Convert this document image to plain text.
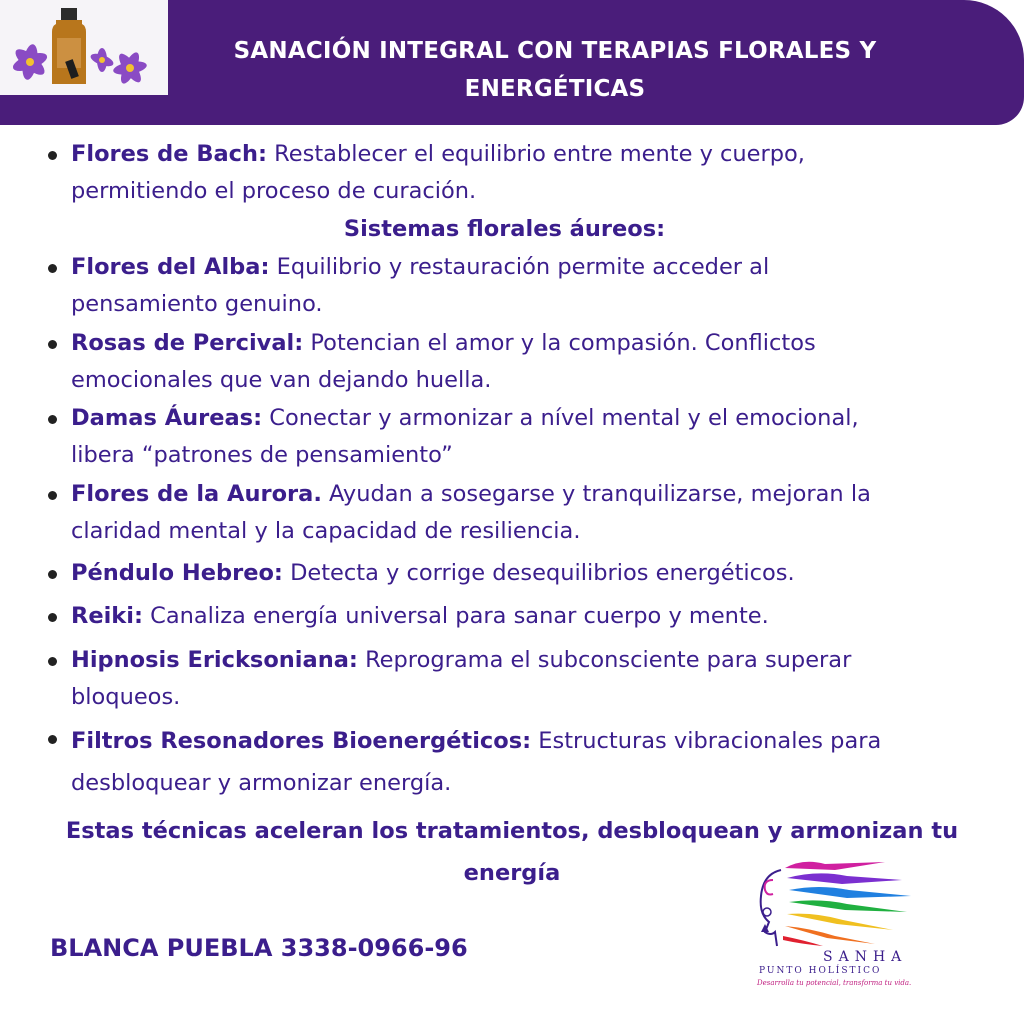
SANACIÓN INTEGRAL CON TERAPIAS FLORALES Y
ENERGÉTICAS
Flores de Bach: Restablecer el equilibrio entre mente y cuerpo,
permitiendo el proceso de curación.
Flores del Alba: Equilibrio y restauración permite acceder al
pensamiento genuino.
Rosas de Percival: Potencian el amor y la compasión. Conflictos
emocionales que van dejando huella.
Damas Áureas: Conectar y armonizar a nível mental y el emocional,
libera “patrones de pensamiento”
Flores de la Aurora. Ayudan a sosegarse y tranquilizarse, mejoran la
claridad mental y la capacidad de resiliencia.
Péndulo Hebreo: Detecta y corrige desequilibrios energéticos.
Reiki: Canaliza energía universal para sanar cuerpo y mente.
Hipnosis Ericksoniana: Reprograma el subconsciente para superar
bloqueos.
Filtros Resonadores Bioenergéticos: Estructuras vibracionales para
desbloquear y armonizar energía.
Sistemas florales áureos:
Estas técnicas aceleran los tratamientos, desbloquean y armonizan tu
energía
BLANCA PUEBLA 3338-0966-96	SANHA
PUNTO HOLÍSTICO
Desarrolla tu potencial, transforma tu vida.
